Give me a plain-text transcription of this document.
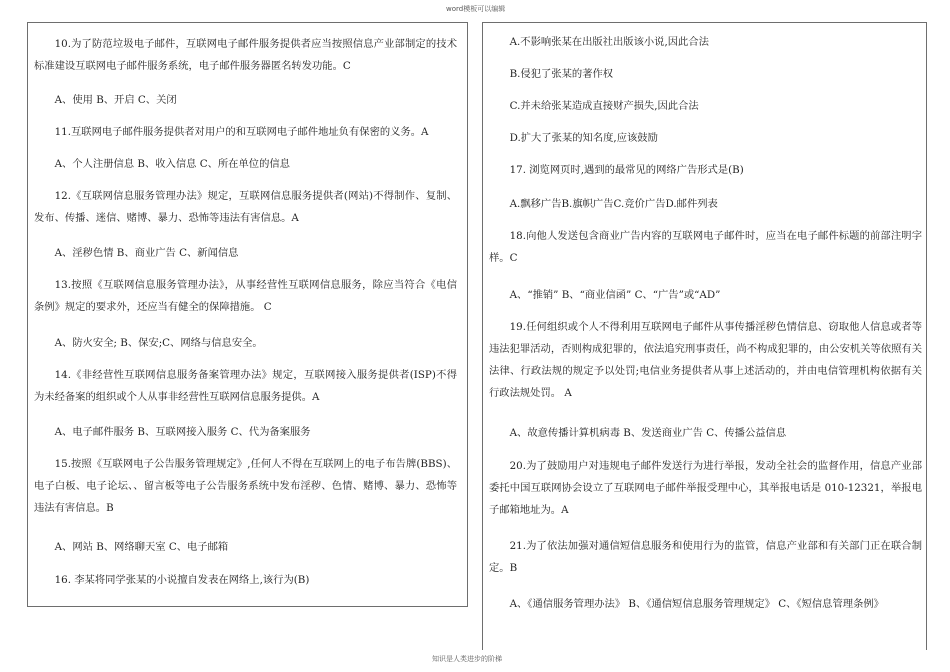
word模板可以编辑
10.为了防范垃圾电子邮件，互联网电子邮件服务提供者应当按照信息产业部制定的技术标准建设互联网电子邮件服务系统，电子邮件服务器匿名转发功能。C
A、使用 B、开启 C、关闭
11.互联网电子邮件服务提供者对用户的和互联网电子邮件地址负有保密的义务。A
A、个人注册信息 B、收入信息 C、所在单位的信息
12.《互联网信息服务管理办法》规定，互联网信息服务提供者(网站)不得制作、复制、发布、传播、迷信、赌博、暴力、恐怖等违法有害信息。A
A、淫秽色情 B、商业广告 C、新闻信息
13.按照《互联网信息服务管理办法》，从事经营性互联网信息服务，除应当符合《电信条例》规定的要求外，还应当有健全的保障措施。 C
A、防火安全; B、保安;C、网络与信息安全。
14.《非经营性互联网信息服务备案管理办法》规定，互联网接入服务提供者(ISP)不得为未经备案的组织或个人从事非经营性互联网信息服务提供。A
A、电子邮件服务 B、互联网接入服务 C、代为备案服务
15.按照《互联网电子公告服务管理规定》,任何人不得在互联网上的电子布告牌(BBS)、电子白板、电子论坛、、留言板等电子公告服务系统中发布淫秽、色情、赌博、暴力、恐怖等违法有害信息。B
A、网站 B、网络聊天室 C、电子邮箱
16. 李某将同学张某的小说擅自发表在网络上,该行为(B)
A.不影响张某在出版社出版该小说,因此合法
B.侵犯了张某的著作权
C.并未给张某造成直接财产损失,因此合法
D.扩大了张某的知名度,应该鼓励
17. 浏览网页时,遇到的最常见的网络广告形式是(B)
A.飘移广告B.旗帜广告C.竞价广告D.邮件列表
18.向他人发送包含商业广告内容的互联网电子邮件时，应当在电子邮件标题的前部注明字样。C
A、“推销” B、“商业信函” C、“广告”或“AD”
19.任何组织或个人不得利用互联网电子邮件从事传播淫秽色情信息、窃取他人信息或者等违法犯罪活动，否则构成犯罪的，依法追究刑事责任，尚不构成犯罪的，由公安机关等依照有关法律、行政法规的规定予以处罚;电信业务提供者从事上述活动的，并由电信管理机构依据有关行政法规处罚。 A
A、故意传播计算机病毒 B、发送商业广告 C、传播公益信息
20.为了鼓励用户对违规电子邮件发送行为进行举报，发动全社会的监督作用，信息产业部委托中国互联网协会设立了互联网电子邮件举报受理中心，其举报电话是 010-12321，举报电子邮箱地址为。A
21.为了依法加强对通信短信息服务和使用行为的监管，信息产业部和有关部门正在联合制定。B
A、《通信服务管理办法》 B、《通信短信息服务管理规定》 C、《短信息管理条例》
知识是人类进步的阶梯
